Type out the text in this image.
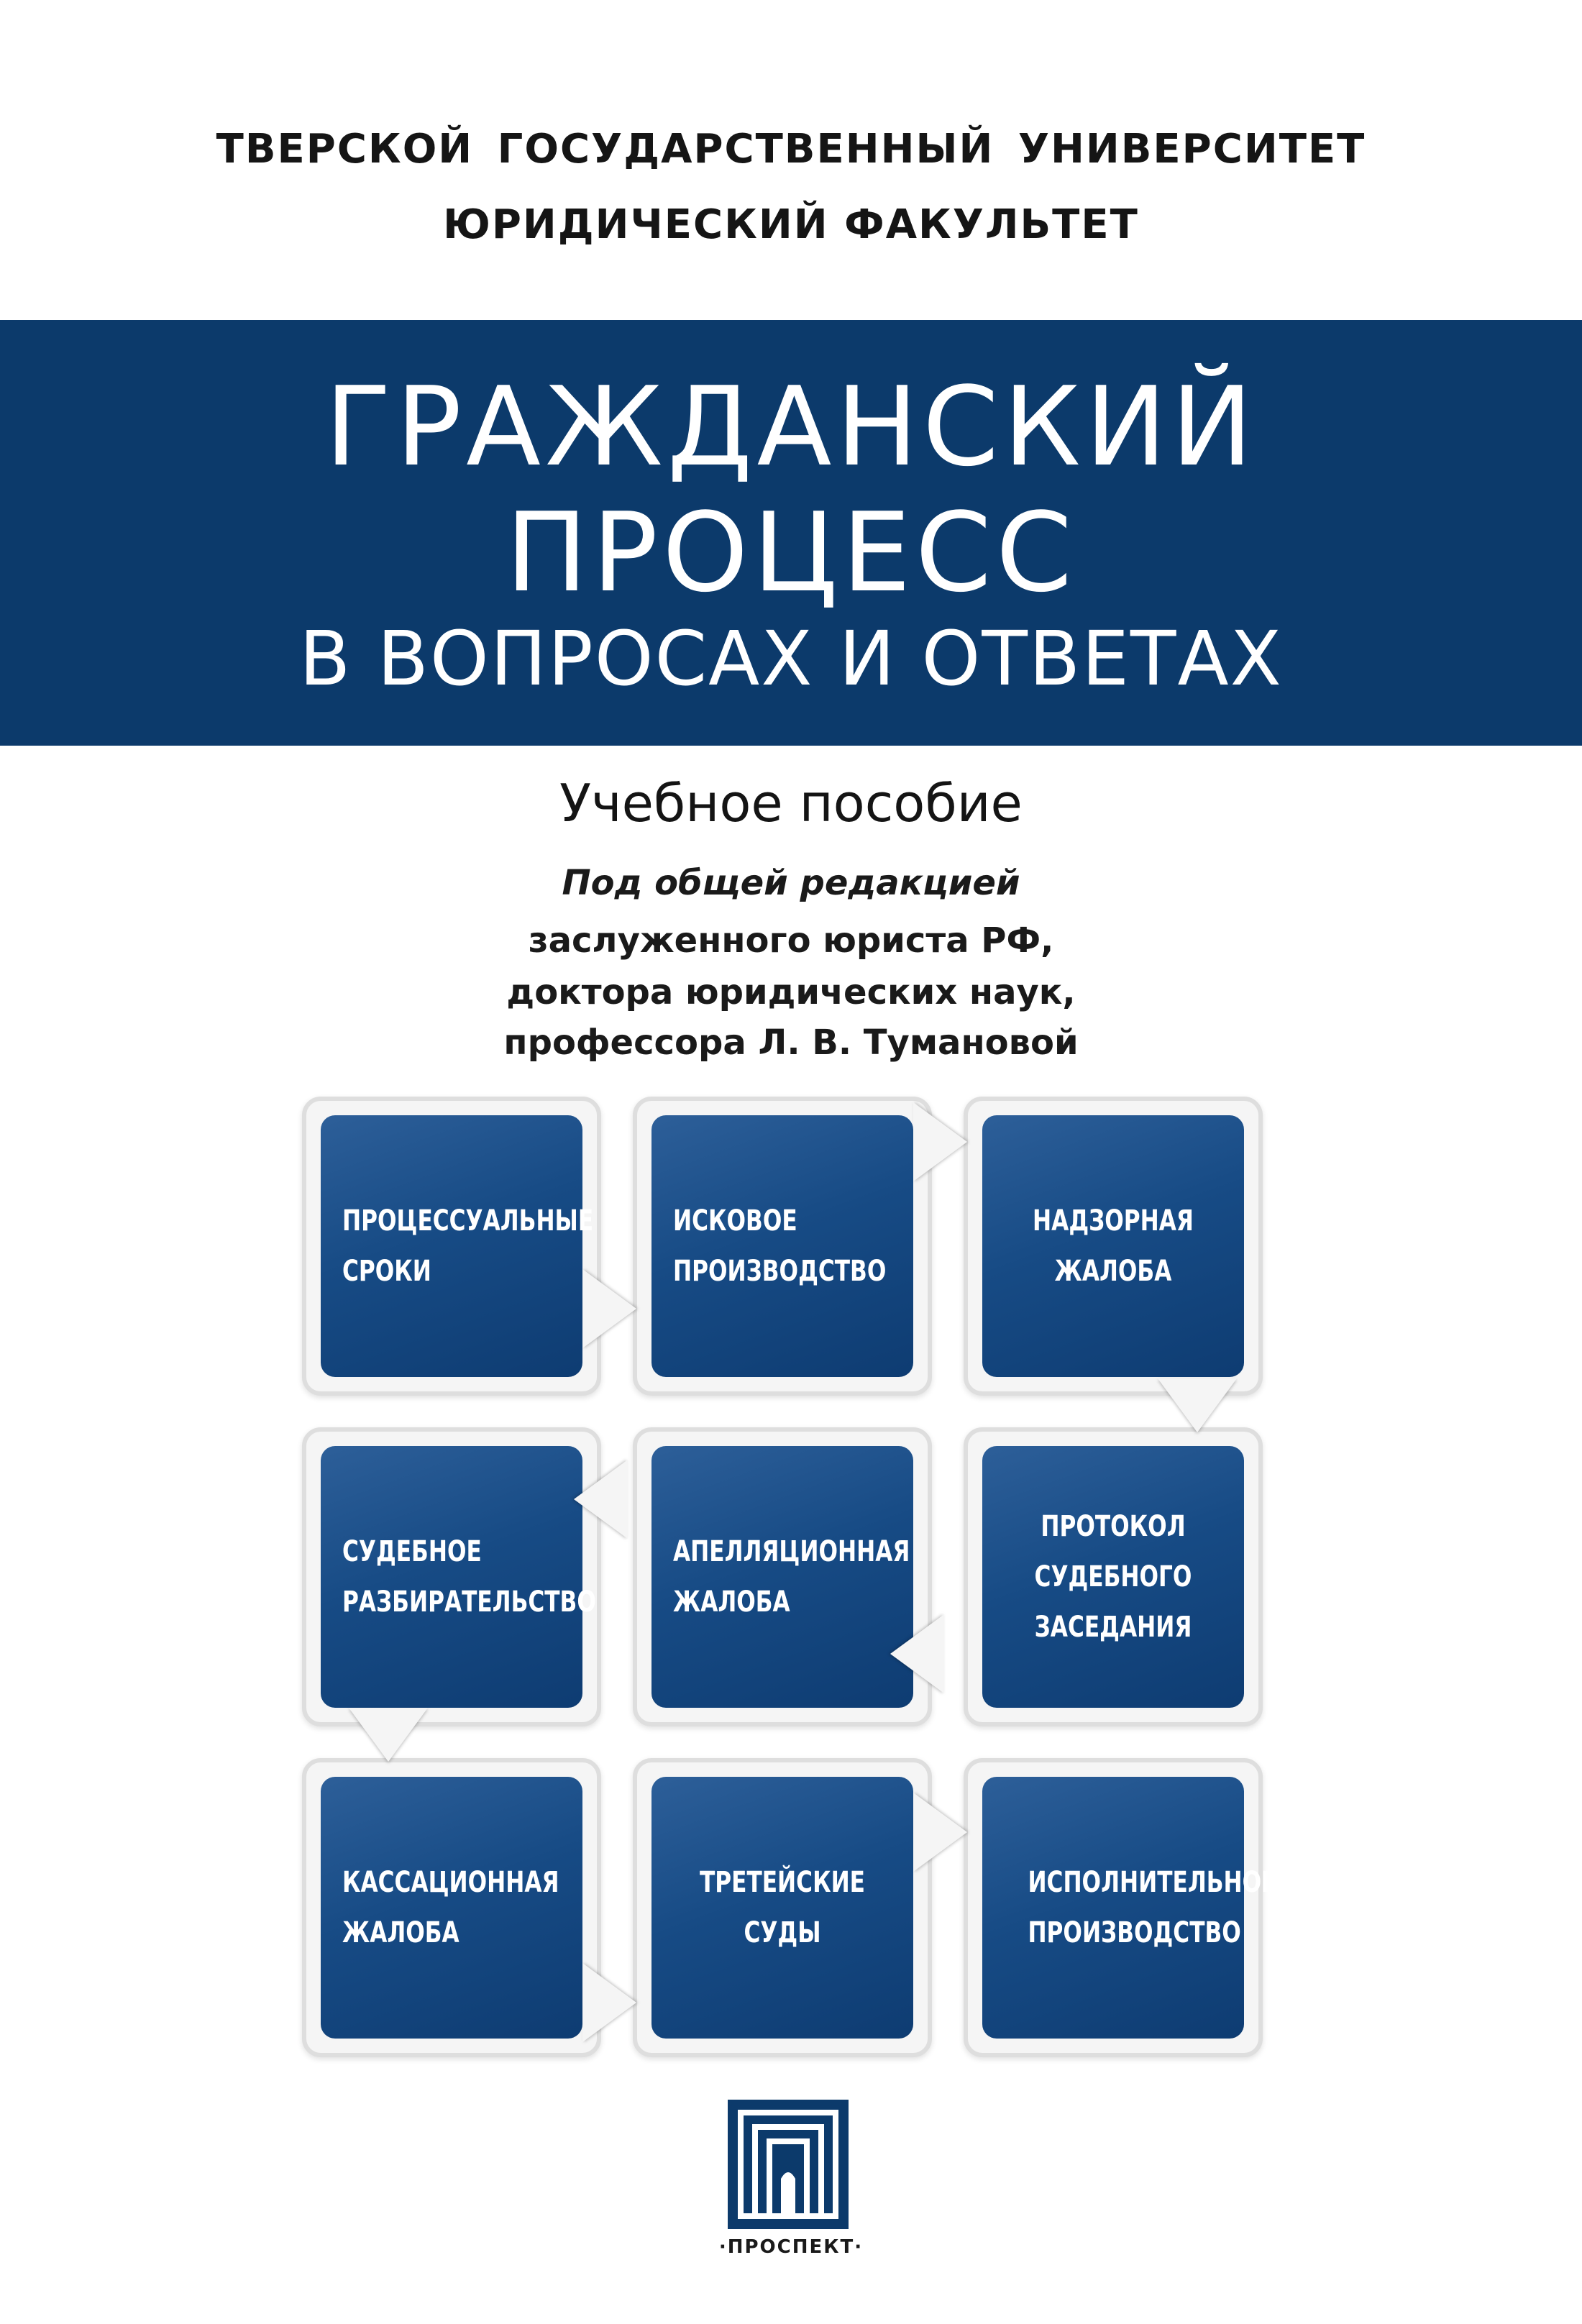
ТВЕРСКОЙ ГОСУДАРСТВЕННЫЙ УНИВЕРСИТЕТ
ЮРИДИЧЕСКИЙ ФАКУЛЬТЕТ
ГРАЖДАНСКИЙ
ПРОЦЕСС
В ВОПРОСАХ И ОТВЕТАХ
Учебное пособие
Под общей редакцией
заслуженного юриста РФ,
доктора юридических наук,
профессора Л. В. Тумановой
ПРОЦЕССУАЛЬНЫЕ
СРОКИ
ИСКОВОЕ
ПРОИЗВОДСТВО
НАДЗОРНАЯ
ЖАЛОБА
СУДЕБНОЕ
РАЗБИРАТЕЛЬСТВО
АПЕЛЛЯЦИОННАЯ
ЖАЛОБА
ПРОТОКОЛ
СУДЕБНОГО
ЗАСЕДАНИЯ
КАССАЦИОННАЯ
ЖАЛОБА
ТРЕТЕЙСКИЕ СУДЫ
ИСПОЛНИТЕЛЬНОЕ
ПРОИЗВОДСТВО
·ПРОСПЕКТ·
